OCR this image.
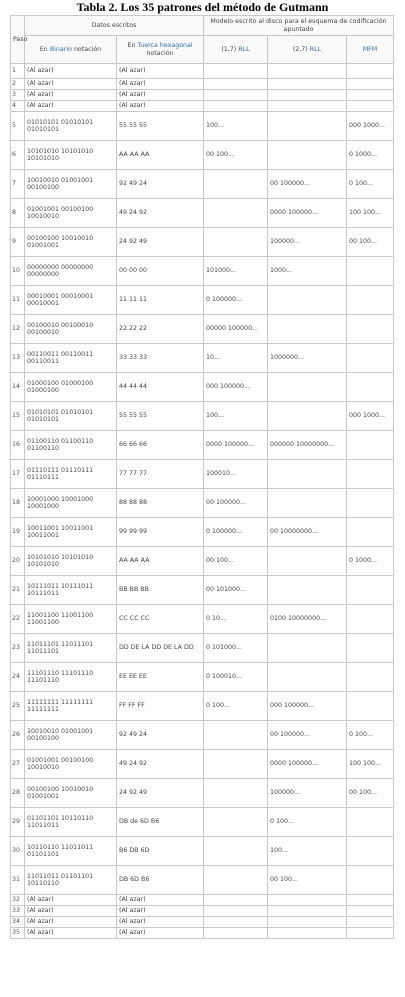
Tabla 2. Los 35 patrones del método de Gutmann
Paso	Datos escritos		Modelo escrito al disco para el esquema de codificación apuntado		
	En Binario notación	En Tuerca hexagonal notación	(1,7) RLL	(2,7) RLL	MFM
1	(Al azar)	(Al azar)			
2	(Al azar)	(Al azar)			
3	(Al azar)	(Al azar)			
4	(Al azar)	(Al azar)			
5	01010101 01010101 01010101	55 55 55	100...		000 1000...
6	10101010 10101010 10101010	AA AA AA	00 100...		0 1000...
7	10010010 01001001 00100100	92 49 24		00 100000...	0 100...
8	01001001 00100100 10010010	49 24 92		0000 100000...	100 100...
9	00100100 10010010 01001001	24 92 49		100000...	00 100...
10	00000000 00000000 00000000	00 00 00	101000...	1000...	
11	00010001 00010001 00010001	11 11 11	0 100000...		
12	00100010 00100010 00100010	22 22 22	00000 100000...		
13	00110011 00110011 00110011	33 33 33	10...	1000000...	
14	01000100 01000100 01000100	44 44 44	000 100000...		
15	01010101 01010101 01010101	55 55 55	100...		000 1000...
16	01100110 01100110 01100110	66 66 66	0000 100000...	000000 10000000...	
17	01110111 01110111 01110111	77 77 77	100010...		
18	10001000 10001000 10001000	88 88 88	00 100000...		
19	10011001 10011001 10011001	99 99 99	0 100000...	00 10000000...	
20	10101010 10101010 10101010	AA AA AA	00 100...		0 1000...
21	10111011 10111011 10111011	BB BB BB	00 101000...		
22	11001100 11001100 11001100	CC CC CC	0 10...	0100 10000000...	
23	11011101 11011101 11011101	DD DE LA DD DE LA DD	0 101000...		
24	11101110 11101110 11101110	EE EE EE	0 100010...		
25	11111111 11111111 11111111	FF FF FF	0 100...	000 100000...	
26	10010010 01001001 00100100	92 49 24		00 100000...	0 100...
27	01001001 00100100 10010010	49 24 92		0000 100000...	100 100...
28	00100100 10010010 01001001	24 92 49		100000...	00 100...
29	01101101 10110110 11011011	DB de 6D B6		0 100...	
30	10110110 11011011 01101101	B6 DB 6D		100...	
31	11011011 01101101 10110110	DB 6D B6		00 100...	
32	(Al azar)	(Al azar)			
33	(Al azar)	(Al azar)			
34	(Al azar)	(Al azar)			
35	(Al azar)	(Al azar)			
